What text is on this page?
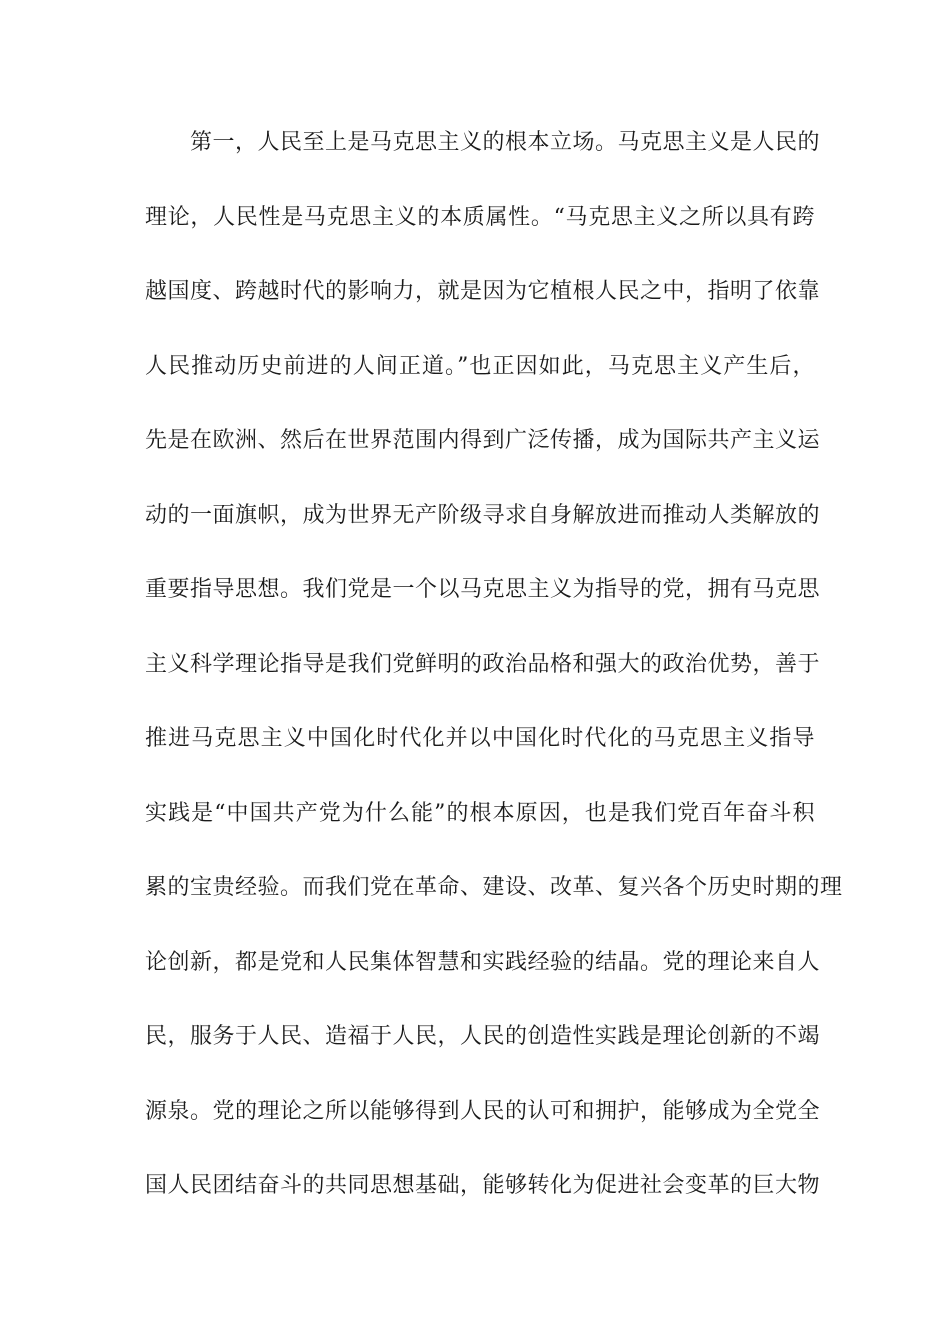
第一，人民至上是马克思主义的根本立场。马克思主义是人民的
理论，人民性是马克思主义的本质属性。“马克思主义之所以具有跨
越国度、跨越时代的影响力，就是因为它植根人民之中，指明了依靠
人民推动历史前进的人间正道。”也正因如此，马克思主义产生后，
先是在欧洲、然后在世界范围内得到广泛传播，成为国际共产主义运
动的一面旗帜，成为世界无产阶级寻求自身解放进而推动人类解放的
重要指导思想。我们党是一个以马克思主义为指导的党，拥有马克思
主义科学理论指导是我们党鲜明的政治品格和强大的政治优势，善于
推进马克思主义中国化时代化并以中国化时代化的马克思主义指导
实践是“中国共产党为什么能”的根本原因，也是我们党百年奋斗积
累的宝贵经验。而我们党在革命、建设、改革、复兴各个历史时期的理
论创新，都是党和人民集体智慧和实践经验的结晶。党的理论来自人
民，服务于人民、造福于人民，人民的创造性实践是理论创新的不竭
源泉。党的理论之所以能够得到人民的认可和拥护，能够成为全党全
国人民团结奋斗的共同思想基础，能够转化为促进社会变革的巨大物
